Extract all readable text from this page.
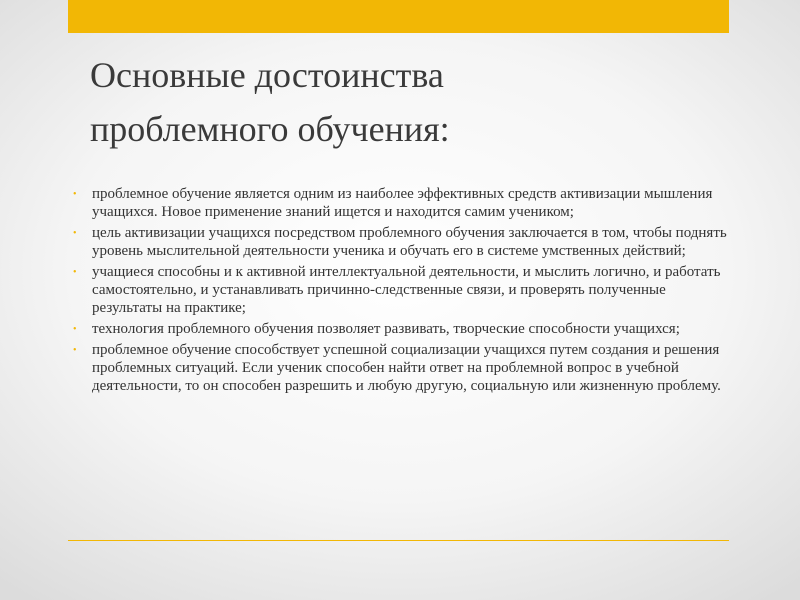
Основные достоинства
проблемного обучения:
• проблемное обучение является одним из наиболее эффективных средств активизации мышления учащихся. Новое применение знаний ищется и находится самим учеником;
• цель активизации учащихся посредством проблемного обучения заключается в том, чтобы поднять уровень мыслительной деятельности ученика и обучать его в системе умственных действий;
• учащиеся способны и к активной интеллектуальной деятельности, и мыслить логично, и работать самостоятельно, и устанавливать причинно-следственные связи, и проверять полученные результаты на практике;
• технология проблемного обучения позволяет развивать, творческие способности учащихся;
• проблемное обучение способствует успешной социализации учащихся путем создания и решения проблемных ситуаций. Если ученик способен найти ответ на проблемной вопрос в учебной деятельности, то он способен разрешить и любую другую, социальную или жизненную проблему.
